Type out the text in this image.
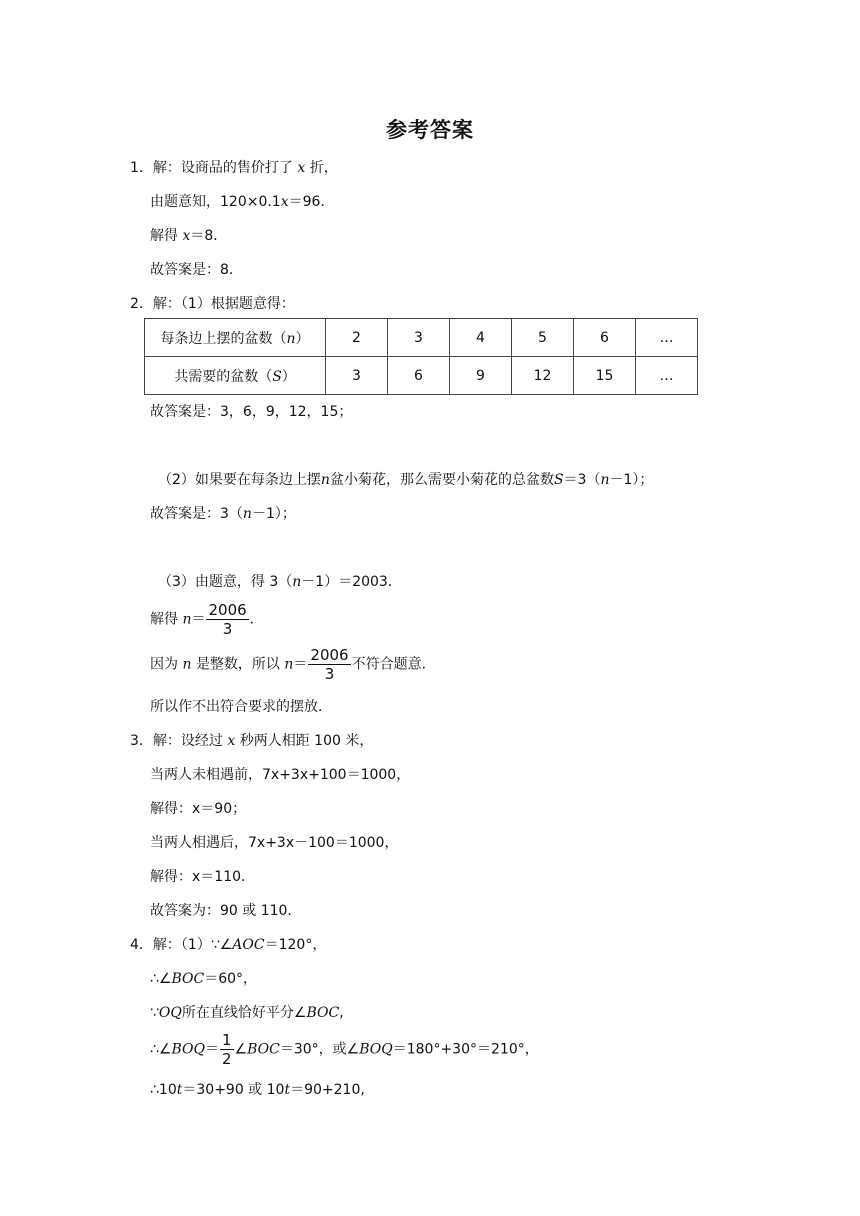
参考答案
1．解：设商品的售价打了 x 折，
由题意知，120×0.1x＝96．
解得 x＝8．
故答案是：8．
2．解：（1）根据题意得：
每条边上摆的盆数（n）	2	3	4	5	6	…
共需要的盆数（S）	3	6	9	12	15	…
故答案是：3，6，9，12，15；
（2）如果要在每条边上摆n盆小菊花，那么需要小菊花的总盆数S＝3（n－1）；
故答案是：3（n－1）；
（3）由题意，得 3（n－1）＝2003．
解得 $n= \frac{2006}{3}$ ．
因为 n 是整数，所以 $n= \frac{2006}{3}$ 不符合题意．
所以作不出符合要求的摆放．
3．解：设经过 x 秒两人相距 100 米，
当两人未相遇前，7x+3x+100＝1000，
解得：x＝90；
当两人相遇后，7x+3x－100＝1000，
解得：x＝110．
故答案为：90 或 110．
4．解：（1）∵∠AOC＝120°，
∴∠BOC＝60°，
∵OQ所在直线恰好平分∠BOC,
∴∠BOQ＝ $\frac{1}{2}$ ∠BOC＝30°，或∠BOQ＝180°+30°＝210°，
∴10t＝30+90 或 10t＝90+210,
